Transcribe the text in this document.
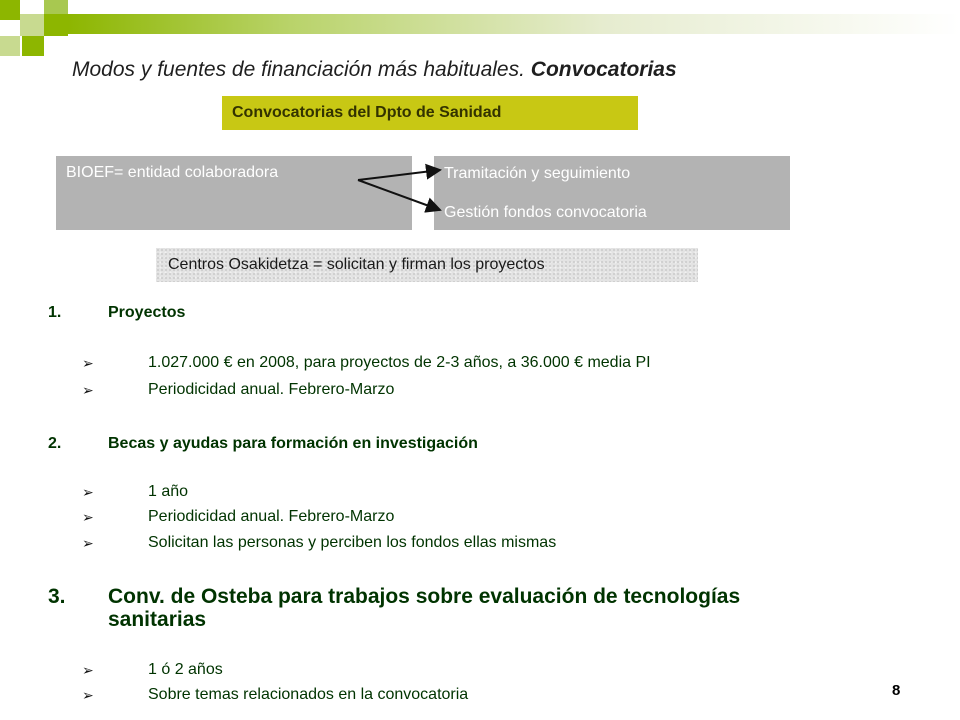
Modos y fuentes de financiación más habituales. Convocatorias
Convocatorias del Dpto de Sanidad
BIOEF= entidad colaboradora	Tramitación y seguimiento
Gestión fondos convocatoria
Centros Osakidetza = solicitan y firman los proyectos
1.	Proyectos
➢	1.027.000 € en 2008, para proyectos de 2-3 años, a 36.000 € media PI
➢	Periodicidad anual. Febrero-Marzo
2.	Becas y ayudas para formación en investigación
➢	1 año
➢	Periodicidad anual. Febrero-Marzo
➢	Solicitan las personas y perciben los fondos ellas mismas
3. Conv. de Osteba para trabajos sobre evaluación de tecnologías
sanitarias
➢	1 ó 2 años
➢	Sobre temas relacionados en la convocatoria	8
